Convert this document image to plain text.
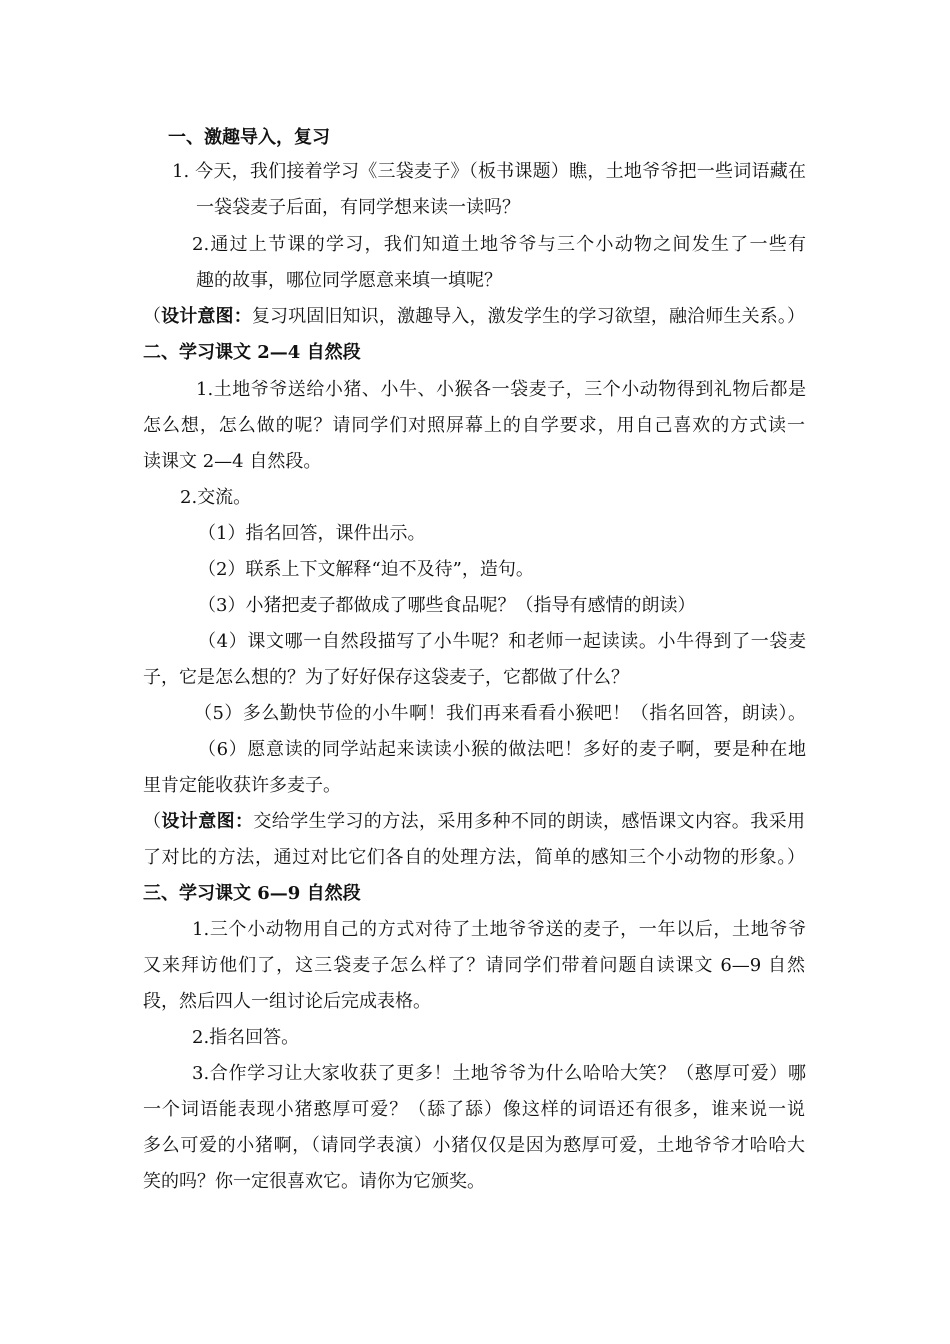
一、激趣导入，复习
1. 今天，我们接着学习《三袋麦子》（板书课题）瞧，土地爷爷把一些词语藏在
一袋袋麦子后面，有同学想来读一读吗？
2.通过上节课的学习，我们知道土地爷爷与三个小动物之间发生了一些有
趣的故事，哪位同学愿意来填一填呢？
（设计意图：复习巩固旧知识，激趣导入，激发学生的学习欲望，融洽师生关系。）
二、学习课文 2—4 自然段
1.土地爷爷送给小猪、小牛、小猴各一袋麦子，三个小动物得到礼物后都是
怎么想，怎么做的呢？请同学们对照屏幕上的自学要求，用自己喜欢的方式读一
读课文 2—4 自然段。
2.交流。
（1）指名回答，课件出示。
（2）联系上下文解释“迫不及待”，造句。
（3）小猪把麦子都做成了哪些食品呢？（指导有感情的朗读）
（4）课文哪一自然段描写了小牛呢？和老师一起读读。小牛得到了一袋麦
子，它是怎么想的？为了好好保存这袋麦子，它都做了什么？
（5）多么勤快节俭的小牛啊！我们再来看看小猴吧！（指名回答，朗读）。
（6）愿意读的同学站起来读读小猴的做法吧！多好的麦子啊，要是种在地
里肯定能收获许多麦子。
（设计意图：交给学生学习的方法，采用多种不同的朗读，感悟课文内容。我采用
了对比的方法，通过对比它们各自的处理方法，简单的感知三个小动物的形象。）
三、学习课文 6—9 自然段
1.三个小动物用自己的方式对待了土地爷爷送的麦子，一年以后，土地爷爷
又来拜访他们了，这三袋麦子怎么样了？请同学们带着问题自读课文 6—9 自然
段，然后四人一组讨论后完成表格。
2.指名回答。
3.合作学习让大家收获了更多！土地爷爷为什么哈哈大笑？（憨厚可爱）哪
一个词语能表现小猪憨厚可爱？（舔了舔）像这样的词语还有很多，谁来说一说
多么可爱的小猪啊，（请同学表演）小猪仅仅是因为憨厚可爱，土地爷爷才哈哈大
笑的吗？你一定很喜欢它。请你为它颁奖。
